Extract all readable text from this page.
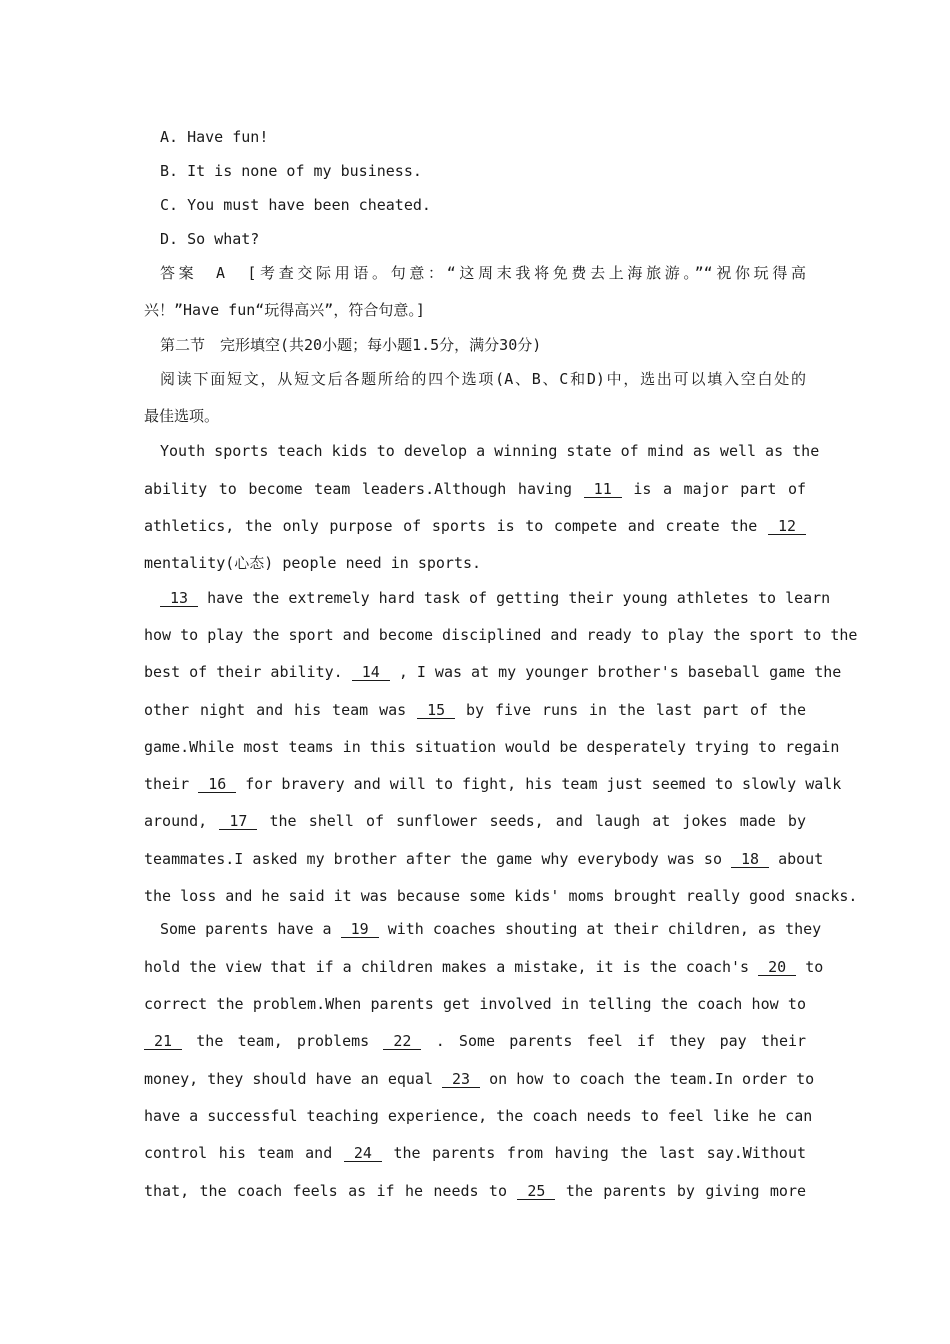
A. Have fun!
B. It is none of my business.
C. You must have been cheated.
D. So what?
答案　A　[考查交际用语。句意：“这周末我将免费去上海旅游。”“祝你玩得高
兴！”Have fun“玩得高兴”，符合句意。]
第二节　完形填空(共20小题；每小题1.5分，满分30分)
阅读下面短文，从短文后各题所给的四个选项(A、B、C和D)中，选出可以填入空白处的
最佳选项。
Youth sports teach kids to develop a winning state of mind as well as the
ability to become team leaders.Although having 11 is a major part of
athletics, the only purpose of sports is to compete and create the 12
mentality(心态) people need in sports.
13 have the extremely hard task of getting their young athletes to learn
how to play the sport and become disciplined and ready to play the sport to the
best of their ability. 14 , I was at my younger brother's baseball game the
other night and his team was 15 by five runs in the last part of the
game.While most teams in this situation would be desperately trying to regain
their 16 for bravery and will to fight, his team just seemed to slowly walk
around, 17 the shell of sunflower seeds, and laugh at jokes made by
teammates.I asked my brother after the game why everybody was so 18 about
the loss and he said it was because some kids' moms brought really good snacks.
Some parents have a 19 with coaches shouting at their children, as they
hold the view that if a children makes a mistake, it is the coach's 20 to
correct the problem.When parents get involved in telling the coach how to
21 the team, problems 22 . Some parents feel if they pay their
money, they should have an equal 23 on how to coach the team.In order to
have a successful teaching experience, the coach needs to feel like he can
control his team and 24 the parents from having the last say.Without
that, the coach feels as if he needs to 25 the parents by giving more
